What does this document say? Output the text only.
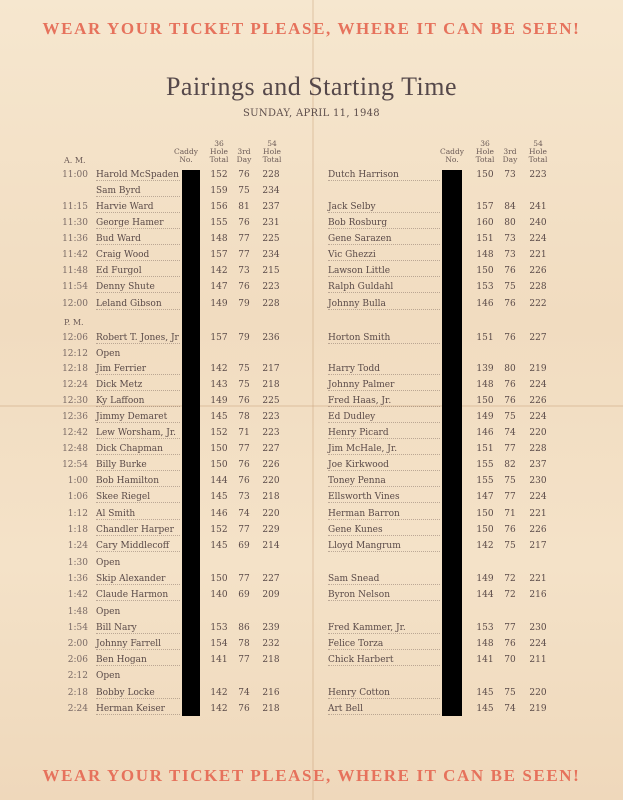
WEAR YOUR TICKET PLEASE, WHERE IT CAN BE SEEN!
Pairings and Starting Time
SUNDAY, APRIL 11, 1948
Caddy
No.
36
Hole
Total

3rd
Day
54
Hole
Total
Caddy
No.
36
Hole
Total

3rd
Day
54
Hole
Total
A. M.
P. M.
11:00 Harold McSpaden	152	76	228	Dutch Harrison	150	73	223
Sam Byrd	159	75	234
11:15 Harvie Ward	156	81	237	Jack Selby	157	84	241
11:30 George Hamer	155	76	231	Bob Rosburg	160	80	240
11:36 Bud Ward	148	77	225	Gene Sarazen	151	73	224
11:42 Craig Wood	157	77	234	Vic Ghezzi	148	73	221
11:48 Ed Furgol	142	73	215	Lawson Little	150	76	226
11:54 Denny Shute	147	76	223	Ralph Guldahl	153	75	228
12:00 Leland Gibson	149	79	228	Johnny Bulla	146	76	222
12:06 Robert T. Jones, Jr	157	79	236	Horton Smith	151	76	227
12:12 Open
12:18 Jim Ferrier	142	75	217	Harry Todd	139	80	219
12:24 Dick Metz	143	75	218	Johnny Palmer	148	76	224
12:30 Ky Laffoon	149	76	225	Fred Haas, Jr.	150	76	226
12:36 Jimmy Demaret	145	78	223	Ed Dudley	149	75	224
12:42 Lew Worsham, Jr.	152	71	223	Henry Picard	146	74	220
12:48 Dick Chapman	150	77	227	Jim McHale, Jr.	151	77	228
12:54 Billy Burke	150	76	226	Joe Kirkwood	155	82	237
1:00 Bob Hamilton	144	76	220	Toney Penna	155	75	230
1:06 Skee Riegel	145	73	218	Ellsworth Vines	147	77	224
1:12 Al Smith	146	74	220	Herman Barron	150	71	221
1:18 Chandler Harper	152	77	229	Gene Kunes	150	76	226
1:24 Cary Middlecoff	145	69	214	Lloyd Mangrum	142	75	217
1:30 Open
1:36 Skip Alexander	150	77	227	Sam Snead	149	72	221
1:42 Claude Harmon	140	69	209	Byron Nelson	144	72	216
1:48 Open
1:54 Bill Nary	153	86	239	Fred Kammer, Jr.	153	77	230
2:00 Johnny Farrell	154	78	232	Felice Torza	148	76	224
2:06 Ben Hogan	141	77	218	Chick Harbert	141	70	211
2:12 Open
2:18 Bobby Locke	142	74	216	Henry Cotton	145	75	220
2:24 Herman Keiser	142	76	218	Art Bell	145	74	219
WEAR YOUR TICKET PLEASE, WHERE IT CAN BE SEEN!
